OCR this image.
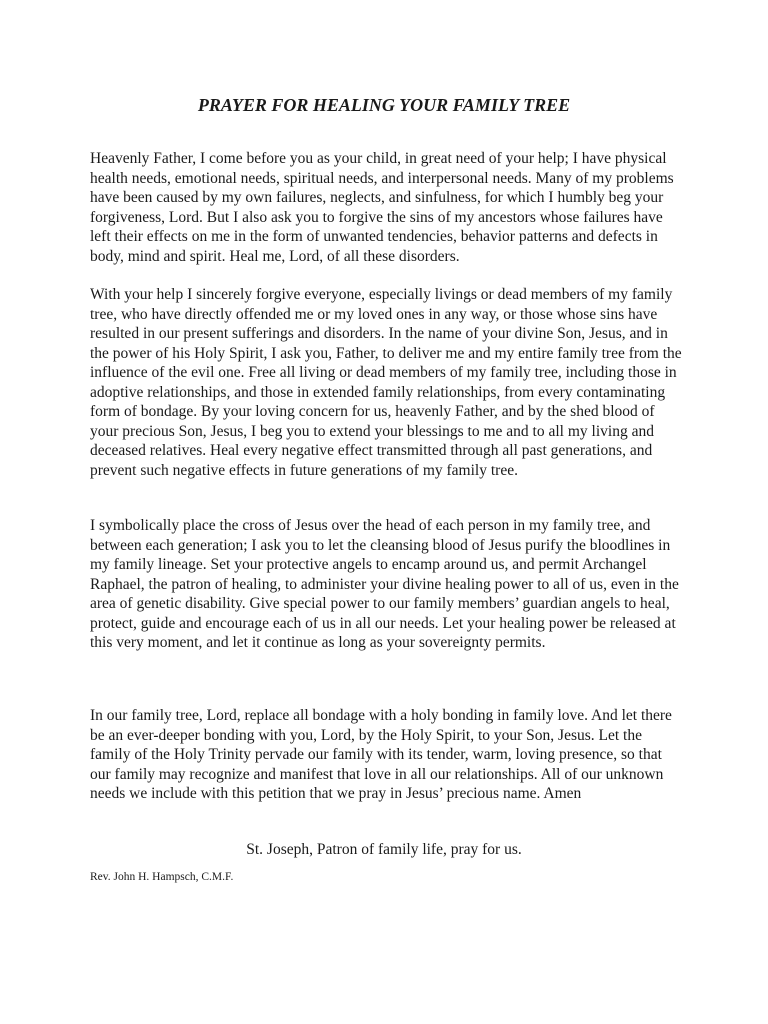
PRAYER FOR HEALING YOUR FAMILY TREE

Heavenly Father, I come before you as your child, in great need of your help; I have physical health needs, emotional needs, spiritual needs, and interpersonal needs. Many of my problems have been caused by my own failures, neglects, and sinfulness, for which I humbly beg your forgiveness, Lord. But I also ask you to forgive the sins of my ancestors whose failures have left their effects on me in the form of unwanted tendencies, behavior patterns and defects in body, mind and spirit. Heal me, Lord, of all these disorders.

With your help I sincerely forgive everyone, especially livings or dead members of my family tree, who have directly offended me or my loved ones in any way, or those whose sins have resulted in our present sufferings and disorders. In the name of your divine Son, Jesus, and in the power of his Holy Spirit, I ask you, Father, to deliver me and my entire family tree from the influence of the evil one. Free all living or dead members of my family tree, including those in adoptive relationships, and those in extended family relationships, from every contaminating form of bondage. By your loving concern for us, heavenly Father, and by the shed blood of your precious Son, Jesus, I beg you to extend your blessings to me and to all my living and deceased relatives. Heal every negative effect transmitted through all past generations, and prevent such negative effects in future generations of my family tree.

I symbolically place the cross of Jesus over the head of each person in my family tree, and between each generation; I ask you to let the cleansing blood of Jesus purify the bloodlines in my family lineage. Set your protective angels to encamp around us, and permit Archangel Raphael, the patron of healing, to administer your divine healing power to all of us, even in the area of genetic disability. Give special power to our family members’ guardian angels to heal, protect, guide and encourage each of us in all our needs. Let your healing power be released at this very moment, and let it continue as long as your sovereignty permits.

In our family tree, Lord, replace all bondage with a holy bonding in family love. And let there be an ever-deeper bonding with you, Lord, by the Holy Spirit, to your Son, Jesus. Let the family of the Holy Trinity pervade our family with its tender, warm, loving presence, so that our family may recognize and manifest that love in all our relationships. All of our unknown needs we include with this petition that we pray in Jesus’ precious name. Amen

St. Joseph, Patron of family life, pray for us.

Rev. John H. Hampsch, C.M.F.
